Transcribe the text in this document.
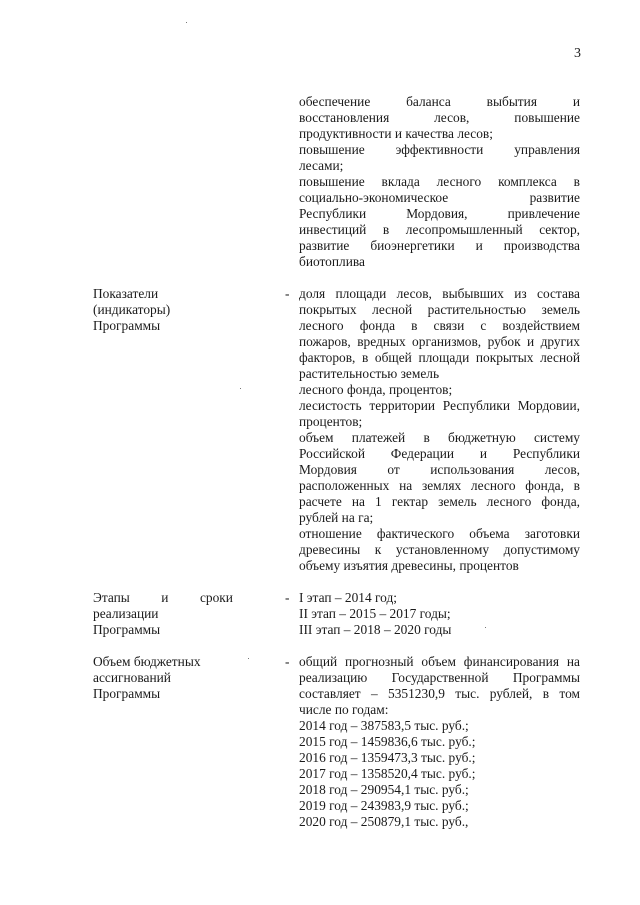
3
обеспечение баланса выбытия и
восстановления лесов, повышение
продуктивности и качества лесов;
повышение эффективности управления
лесами;
повышение вклада лесного комплекса в
социально-экономическое развитие
Республики Мордовия, привлечение
инвестиций в лесопромышленный сектор,
развитие биоэнергетики и производства
биотоплива
Показатели
(индикаторы)
Программы
- доля площади лесов, выбывших из состава
покрытых лесной растительностью земель
лесного фонда в связи с воздействием
пожаров, вредных организмов, рубок и других
факторов, в общей площади покрытых лесной
растительностью земель
лесного фонда, процентов;
лесистость территории Республики Мордовии,
процентов;
объем платежей в бюджетную систему
Российской Федерации и Республики
Мордовия от использования лесов,
расположенных на землях лесного фонда, в
расчете на 1 гектар земель лесного фонда,
рублей на га;
отношение фактического объема заготовки
древесины к установленному допустимому
объему изъятия древесины, процентов
Этапы и сроки
реализации
Программы
- I этап – 2014 год;
II этап – 2015 – 2017 годы;
III этап – 2018 – 2020 годы
Объем бюджетных
ассигнований
Программы
- общий прогнозный объем финансирования на
реализацию Государственной Программы
составляет – 5351230,9 тыс. рублей, в том
числе по годам:
2014 год – 387583,5 тыс. руб.;
2015 год – 1459836,6 тыс. руб.;
2016 год – 1359473,3 тыс. руб.;
2017 год – 1358520,4 тыс. руб.;
2018 год – 290954,1 тыс. руб.;
2019 год – 243983,9 тыс. руб.;
2020 год – 250879,1 тыс. руб.,
